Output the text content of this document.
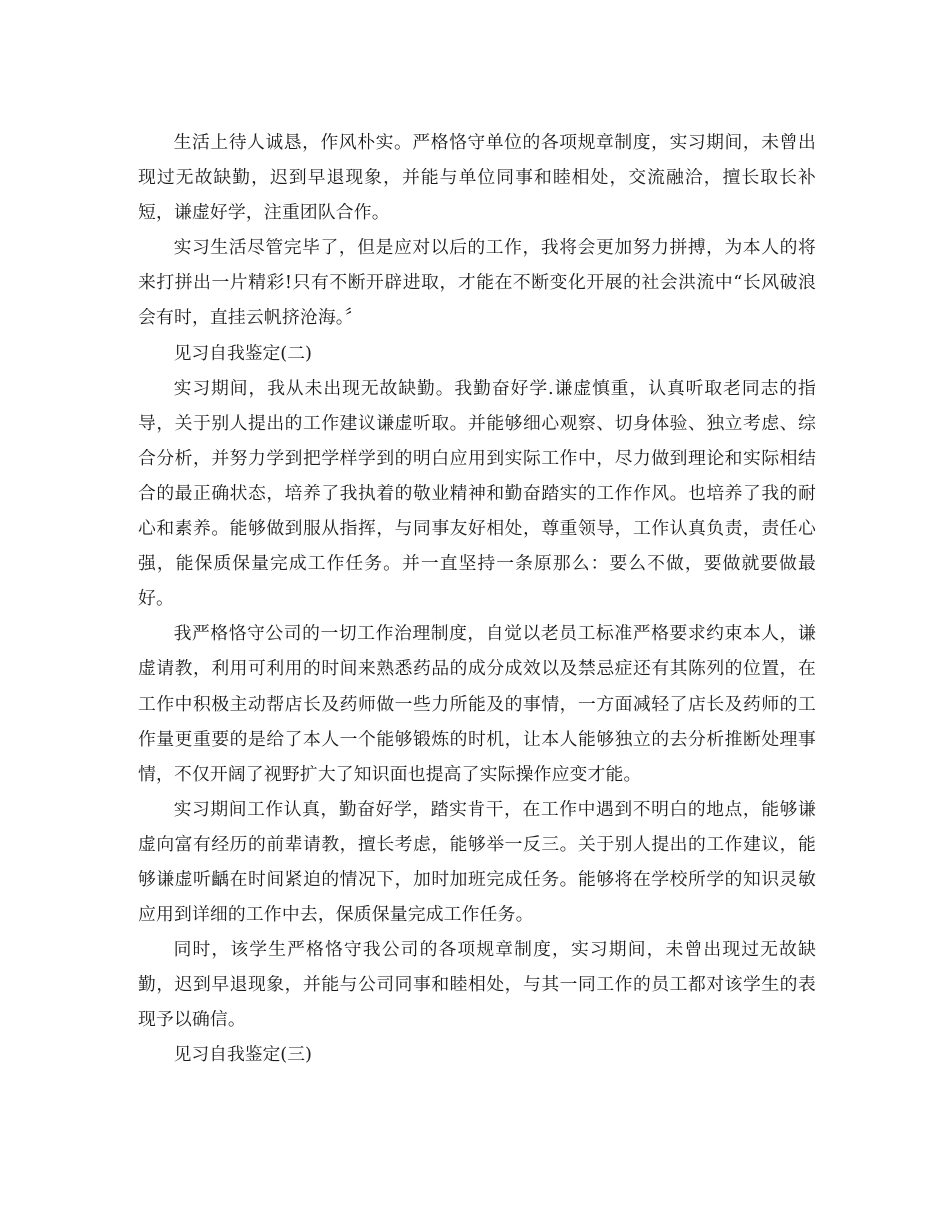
生活上待人诚恳，作风朴实。严格恪守单位的各项规章制度，实习期间，未曾出现过无故缺勤，迟到早退现象，并能与单位同事和睦相处，交流融洽，擅长取长补短，谦虚好学，注重团队合作。

实习生活尽管完毕了，但是应对以后的工作，我将会更加努力拼搏，为本人的将来打拼出一片精彩!只有不断开辟进取，才能在不断变化开展的社会洪流中“长风破浪会有时，直挂云帆挤沧海。〞

见习自我鉴定(二)

实习期间，我从未出现无故缺勤。我勤奋好学.谦虚慎重，认真听取老同志的指导，关于别人提出的工作建议谦虚听取。并能够细心观察、切身体验、独立考虑、综合分析，并努力学到把学样学到的明白应用到实际工作中，尽力做到理论和实际相结合的最正确状态，培养了我执着的敬业精神和勤奋踏实的工作作风。也培养了我的耐心和素养。能够做到服从指挥，与同事友好相处，尊重领导，工作认真负责，责任心强，能保质保量完成工作任务。并一直坚持一条原那么：要么不做，要做就要做最好。

我严格恪守公司的一切工作治理制度，自觉以老员工标准严格要求约束本人，谦虚请教，利用可利用的时间来熟悉药品的成分成效以及禁忌症还有其陈列的位置，在工作中积极主动帮店长及药师做一些力所能及的事情，一方面减轻了店长及药师的工作量更重要的是给了本人一个能够锻炼的时机，让本人能够独立的去分析推断处理事情，不仅开阔了视野扩大了知识面也提高了实际操作应变才能。

实习期间工作认真，勤奋好学，踏实肯干，在工作中遇到不明白的地点，能够谦虚向富有经历的前辈请教，擅长考虑，能够举一反三。关于别人提出的工作建议，能够谦虚听齲在时间紧迫的情况下，加时加班完成任务。能够将在学校所学的知识灵敏应用到详细的工作中去，保质保量完成工作任务。

同时，该学生严格恪守我公司的各项规章制度，实习期间，未曾出现过无故缺勤，迟到早退现象，并能与公司同事和睦相处，与其一同工作的员工都对该学生的表现予以确信。

见习自我鉴定(三)
